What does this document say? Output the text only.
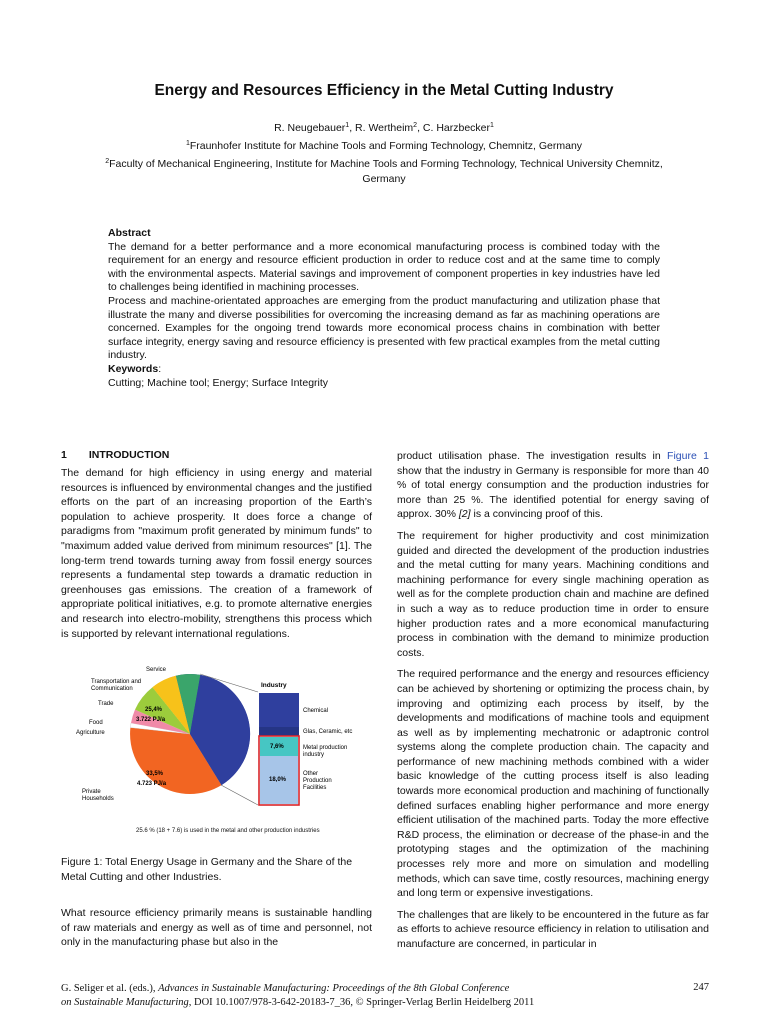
Energy and Resources Efficiency in the Metal Cutting Industry
R. Neugebauer$^1$, R. Wertheim$^2$, C. Harzbecker$^1$
$^1$Fraunhofer Institute for Machine Tools and Forming Technology, Chemnitz, Germany
$^2$Faculty of Mechanical Engineering, Institute for Machine Tools and Forming Technology, Technical University Chemnitz, Germany
Abstract

The demand for a better performance and a more economical manufacturing process is combined today with the requirement for an energy and resource efficient production in order to reduce cost and at the same time to comply with the environmental aspects. Material savings and improvement of component properties in key industries have led to challenges being identified in machining processes.

Process and machine-orientated approaches are emerging from the product manufacturing and utilization phase that illustrate the many and diverse possibilities for overcoming the increasing demand as far as machining operations are concerned. Examples for the ongoing trend towards more economical process chains in combination with better surface integrity, energy saving and resource efficiency is presented with few practical examples from the metal cutting industry.

Keywords:

Cutting; Machine tool; Energy; Surface Integrity

1 INTRODUCTION

The demand for high efficiency in using energy and material resources is influenced by environmental changes and the justified efforts on the part of an increasing proportion of the Earth’s population to achieve prosperity. It does force a change of paradigms from "maximum profit generated by minimum funds" to "maximum added value derived from minimum resources" [1]. The long-term trend towards turning away from fossil energy sources represents a fundamental step towards a dramatic reduction in greenhouses gas emissions. The creation of a framework of appropriate political initiatives, e.g. to promote alternative energies and research into electro-mobility, strengthens this process which is supported by relevant international regulations.

Service
Transportation and
Communication
Trade
Food
Agriculture
Private
Households
Industry
25,4%
3.722 PJ/a
33,5%
4.723 PJ/a
7,6%
18,0%
Chemical
Glas, Ceramic, etc
Metal production
industry
Other
Production
Facilities
25.6 % (18 + 7.6) is used in the metal and other production industries
Figure 1: Total Energy Usage in Germany and the Share of the Metal Cutting and other Industries.
What resource efficiency primarily means is sustainable handling of raw materials and energy as well as of time and personnel, not only in the manufacturing phase but also in the

product utilisation phase. The investigation results in Figure 1 show that the industry in Germany is responsible for more than 40 % of total energy consumption and the production industries for more than 25 %. The identified potential for energy saving of approx. 30% [2] is a convincing proof of this.

The requirement for higher productivity and cost minimization guided and directed the development of the production industries and the metal cutting for many years. Machining conditions and machining performance for every single machining operation as well as for the complete production chain and machine are defined in such a way as to reduce production time in order to ensure higher production rates and a more economical manufacturing process in combination with the demand to minimize production costs.

The required performance and the energy and resources efficiency can be achieved by shortening or optimizing the process chain, by improving and optimizing each process by itself, by the developments and modifications of machine tools and equipment as well as by implementing mechatronic or adaptronic control systems along the complete production chain. The capacity and performance of new machining methods combined with a wider basic knowledge of the cutting process itself is also leading towards more economical production and machining of functionally defined surfaces enabling higher performance and more energy efficient utilisation of the machined parts. Today the more effective R&D process, the elimination or decrease of the phase-in and the prototyping stages and the optimization of the machining processes rely more and more on simulation and modelling methods, which can save time, costly resources, machining energy and long term or expensive investigations.

The challenges that are likely to be encountered in the future as far as efforts to achieve resource efficiency in relation to utilisation and manufacture are concerned, in particular in

G. Seliger et al. (eds.), Advances in Sustainable Manufacturing: Proceedings of the 8th Global Conference
on Sustainable Manufacturing, DOI 10.1007/978-3-642-20183-7_36, © Springer-Verlag Berlin Heidelberg 2011
247
